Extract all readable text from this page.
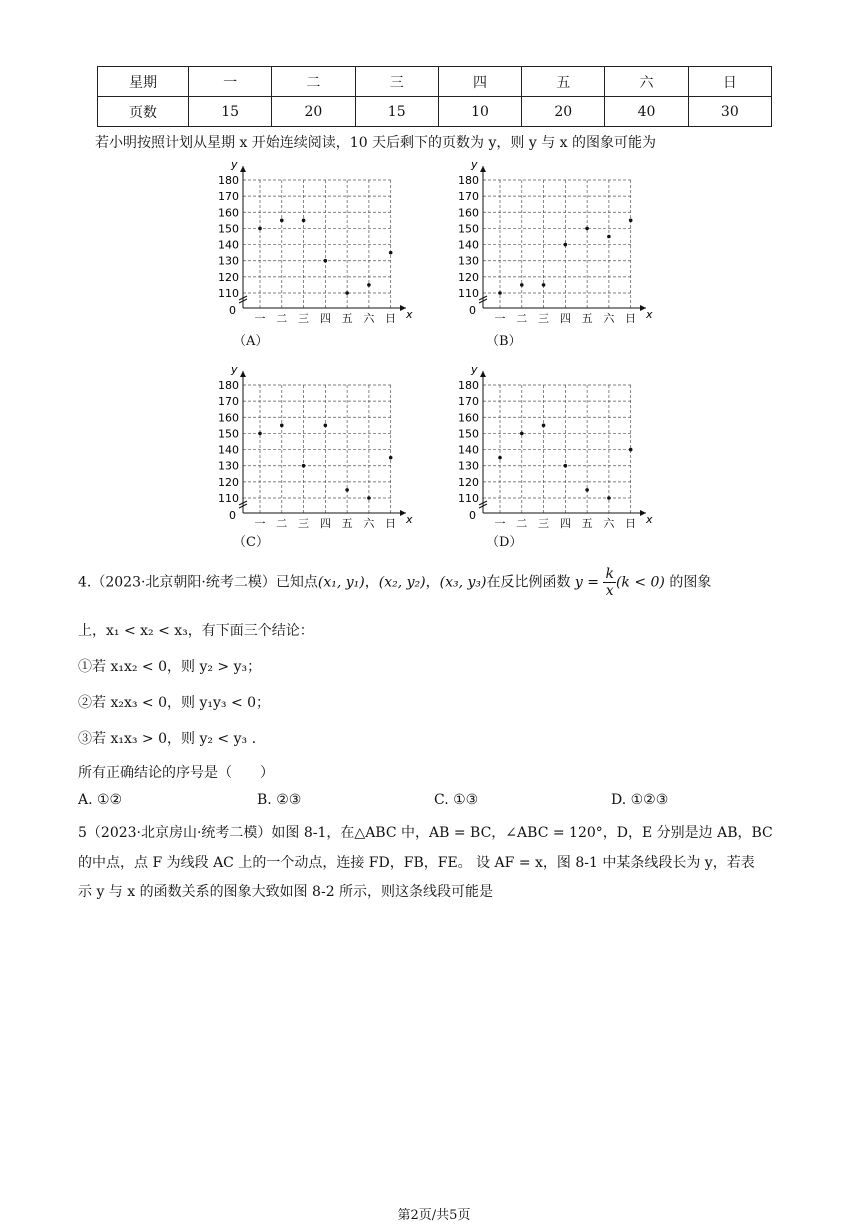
星期	一	二	三	四	五	六	日
页数	15	20	15	10	20	40	30
若小明按照计划从星期 x 开始连续阅读，10 天后剩下的页数为 y，则 y 与 x 的图象可能为
y
x
0
110
120
130
140
150
160
170
180
一 二 三 四 五 六 日
y
x
0
110
120
130
140
150
160
170
180
一 二 三 四 五 六 日
y
x
0
110
120
130
140
150
160
170
180
一 二 三 四 五 六 日
y
x
0
110
120
130
140
150
160
170
180
一 二 三 四 五 六 日
（A）	（B）
（C）	（D）
4.（2023·北京朝阳·统考二模）已知点(x₁, y₁)，(x₂, y₂)，(x₃, y₃)在反比例函数 $y = \frac{k}{x} (k < 0)$ 的图象
上，x₁ < x₂ < x₃，有下面三个结论：
①若 x₁x₂ < 0，则 y₂ > y₃；
②若 x₂x₃ < 0，则 y₁y₃ < 0；
③若 x₁x₃ > 0，则 y₂ < y₃ .
所有正确结论的序号是（　　）
A. ①②	B. ②③	C. ①③	D. ①②③
5（2023·北京房山·统考二模）如图 8-1，在△ABC 中，AB = BC，∠ABC = 120°，D，E 分别是边 AB，BC
的中点，点 F 为线段 AC 上的一个动点，连接 FD，FB，FE。 设 AF = x，图 8-1 中某条线段长为 y，若表
示 y 与 x 的函数关系的图象大致如图 8-2 所示，则这条线段可能是
第2页/共5页
